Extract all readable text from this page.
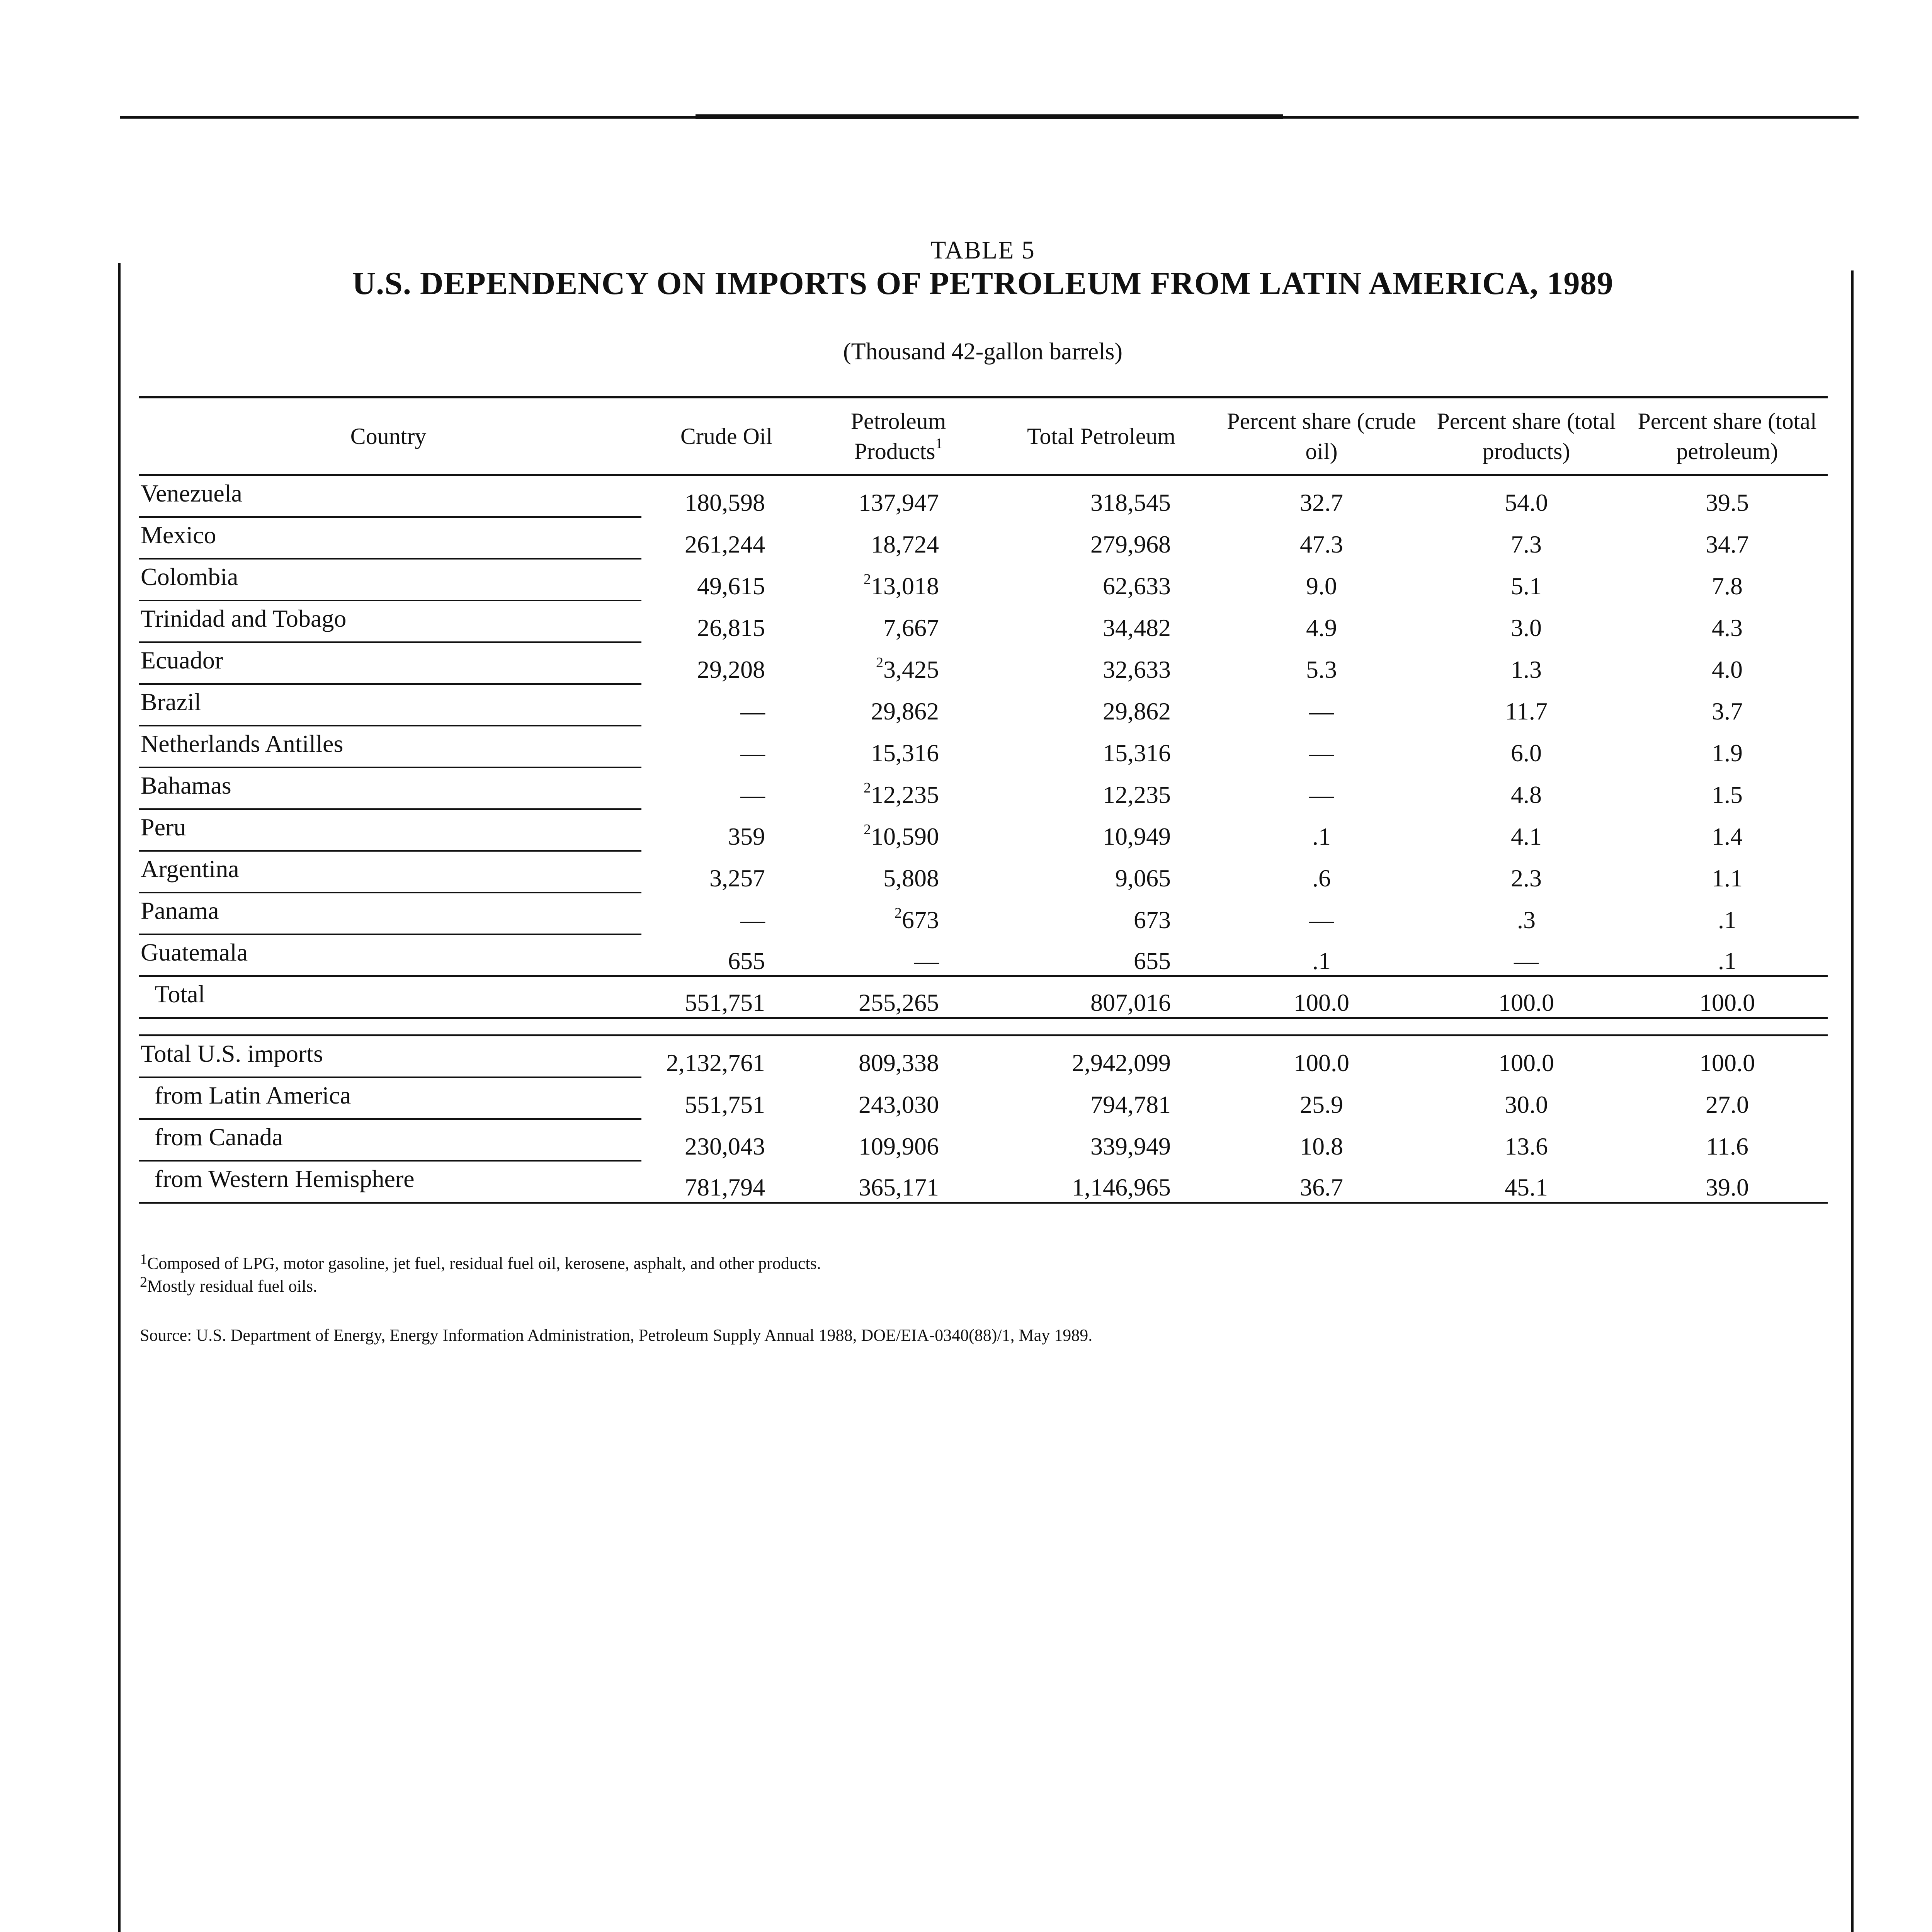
TABLE 5
U.S. DEPENDENCY ON IMPORTS OF PETROLEUM FROM LATIN AMERICA, 1989
(Thousand 42-gallon barrels)
Country	Crude Oil	Petroleum Products$^1$	Total Petroleum	Percent share (crude oil)	Percent share (total products)	Percent share (total petroleum)
Venezuela	180,598	137,947	318,545	32.7	54.0	39.5
Mexico	261,244	18,724	279,968	47.3	7.3	34.7
Colombia	49,615	$^2$13,018	62,633	9.0	5.1	7.8
Trinidad and Tobago	26,815	7,667	34,482	4.9	3.0	4.3
Ecuador	29,208	$^2$3,425	32,633	5.3	1.3	4.0
Brazil	—	29,862	29,862	—	11.7	3.7
Netherlands Antilles	—	15,316	15,316	—	6.0	1.9
Bahamas	—	$^2$12,235	12,235	—	4.8	1.5
Peru	359	$^2$10,590	10,949	.1	4.1	1.4
Argentina	3,257	5,808	9,065	.6	2.3	1.1
Panama	—	$^2$673	673	—	.3	.1
Guatemala	655	—	655	.1	—	.1
Total	551,751	255,265	807,016	100.0	100.0	100.0

Total U.S. imports	2,132,761	809,338	2,942,099	100.0	100.0	100.0
from Latin America	551,751	243,030	794,781	25.9	30.0	27.0
from Canada	230,043	109,906	339,949	10.8	13.6	11.6
from Western Hemisphere	781,794	365,171	1,146,965	36.7	45.1	39.0
$^1$Composed of LPG, motor gasoline, jet fuel, residual fuel oil, kerosene, asphalt, and other products.
$^2$Mostly residual fuel oils.
Source: U.S. Department of Energy, Energy Information Administration, Petroleum Supply Annual 1988, DOE/EIA-0340(88)/1, May 1989.
